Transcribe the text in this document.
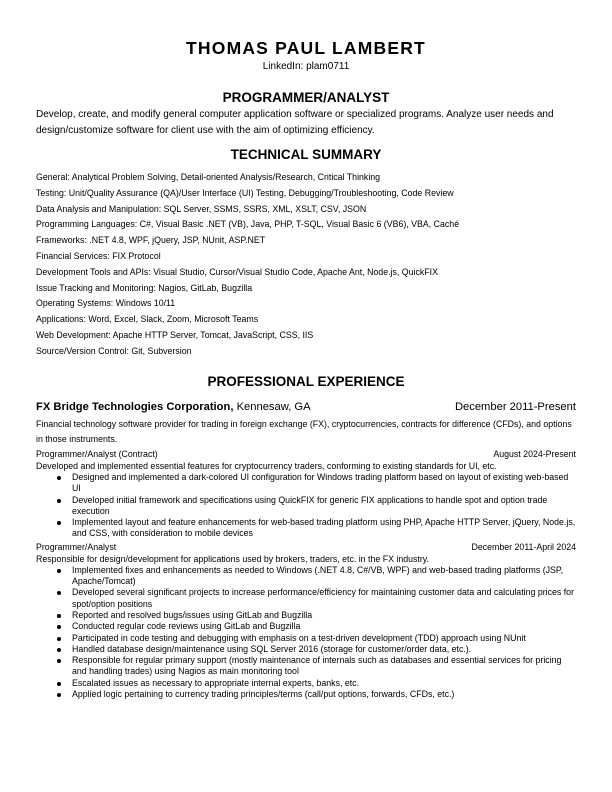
THOMAS PAUL LAMBERT
LinkedIn: plam0711
PROGRAMMER/ANALYST
Develop, create, and modify general computer application software or specialized programs. Analyze user needs and design/customize software for client use with the aim of optimizing efficiency.
TECHNICAL SUMMARY
General: Analytical Problem Solving, Detail-oriented Analysis/Research, Critical Thinking
Testing: Unit/Quality Assurance (QA)/User Interface (UI) Testing, Debugging/Troubleshooting, Code Review
Data Analysis and Manipulation: SQL Server, SSMS, SSRS, XML, XSLT, CSV, JSON
Programming Languages: C#, Visual Basic .NET (VB), Java, PHP, T-SQL, Visual Basic 6 (VB6), VBA, Caché
Frameworks: .NET 4.8, WPF, jQuery, JSP, NUnit, ASP.NET
Financial Services: FIX Protocol
Development Tools and APIs: Visual Studio, Cursor/Visual Studio Code, Apache Ant, Node.js, QuickFIX
Issue Tracking and Monitoring: Nagios, GitLab, Bugzilla
Operating Systems: Windows 10/11
Applications: Word, Excel, Slack, Zoom, Microsoft Teams
Web Development: Apache HTTP Server, Tomcat, JavaScript, CSS, IIS
Source/Version Control: Git, Subversion
PROFESSIONAL EXPERIENCE
FX Bridge Technologies Corporation, Kennesaw, GA	December 2011-Present
Financial technology software provider for trading in foreign exchange (FX), cryptocurrencies, contracts for difference (CFDs), and options in those instruments.
Programmer/Analyst (Contract)	August 2024-Present
Developed and implemented essential features for cryptocurrency traders, conforming to existing standards for UI, etc.
Designed and implemented a dark-colored UI configuration for Windows trading platform based on layout of existing web-based UI
Developed initial framework and specifications using QuickFIX for generic FIX applications to handle spot and option trade execution
Implemented layout and feature enhancements for web-based trading platform using PHP, Apache HTTP Server, jQuery, Node.js, and CSS, with consideration to mobile devices
Programmer/Analyst	December 2011-April 2024
Responsible for design/development for applications used by brokers, traders, etc. in the FX industry.
Implemented fixes and enhancements as needed to Windows (.NET 4.8, C#/VB, WPF) and web-based trading platforms (JSP, Apache/Tomcat)
Developed several significant projects to increase performance/efficiency for maintaining customer data and calculating prices for spot/option positions
Reported and resolved bugs/issues using GitLab and Bugzilla
Conducted regular code reviews using GitLab and Bugzilla
Participated in code testing and debugging with emphasis on a test-driven development (TDD) approach using NUnit
Handled database design/maintenance using SQL Server 2016 (storage for customer/order data, etc.).
Responsible for regular primary support (mostly maintenance of internals such as databases and essential services for pricing and handling trades) using Nagios as main monitoring tool
Escalated issues as necessary to appropriate internal experts, banks, etc.
Applied logic pertaining to currency trading principles/terms (call/put options, forwards, CFDs, etc.)
